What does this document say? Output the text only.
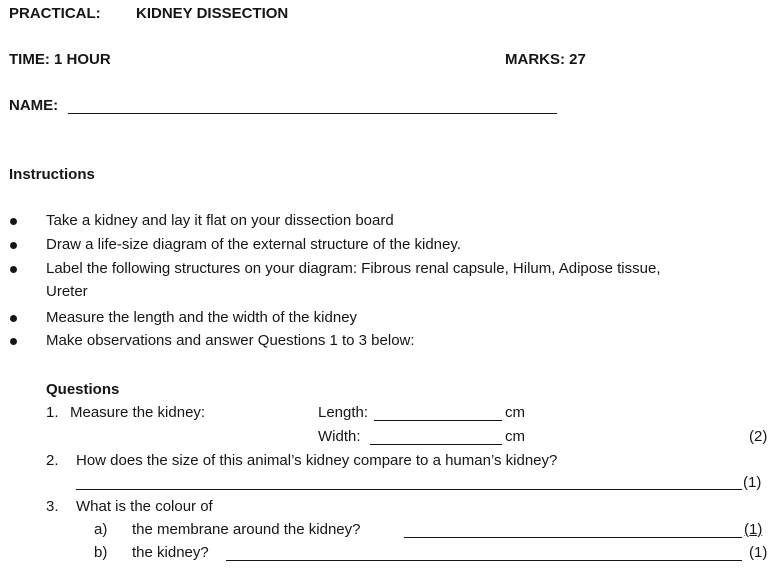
PRACTICAL: KIDNEY DISSECTION
TIME: 1 HOUR	MARKS: 27
NAME:
Instructions
Take a kidney and lay it flat on your dissection board
Draw a life-size diagram of the external structure of the kidney.
Label the following structures on your diagram: Fibrous renal capsule, Hilum, Adipose tissue,
Ureter
Measure the length and the width of the kidney
Make observations and answer Questions 1 to 3 below:
Questions
1. Measure the kidney:	Length:	cm
Width:	cm	(2)
2. How does the size of this animal’s kidney compare to a human’s kidney?
(1)
3. What is the colour of
a) the membrane around the kidney?	(1)
b) the kidney?	(1)
